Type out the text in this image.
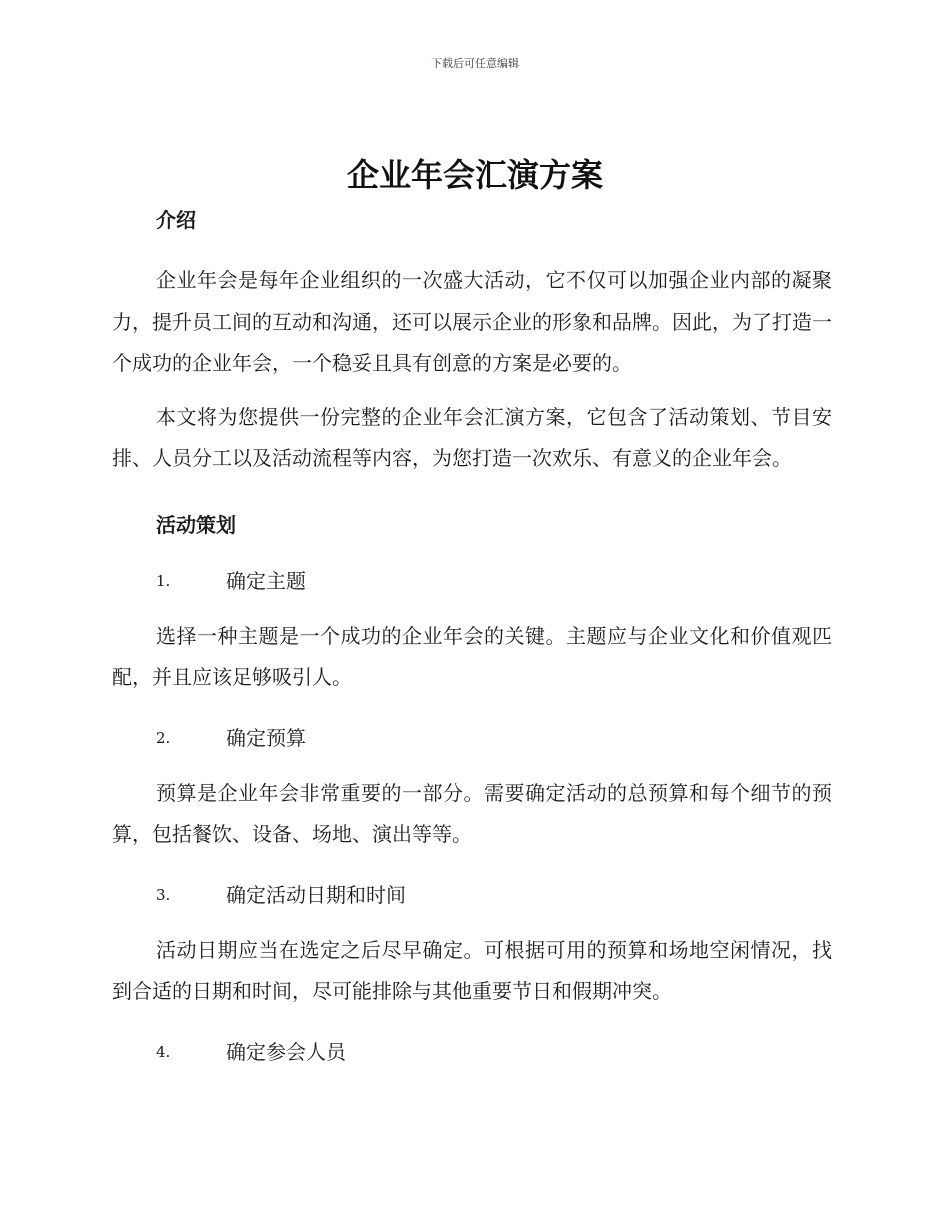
下载后可任意编辑
企业年会汇演方案
介绍

企业年会是每年企业组织的一次盛大活动，它不仅可以加强企业内部的凝聚力，提升员工间的互动和沟通，还可以展示企业的形象和品牌。因此，为了打造一个成功的企业年会，一个稳妥且具有创意的方案是必要的。

本文将为您提供一份完整的企业年会汇演方案，它包含了活动策划、节目安排、人员分工以及活动流程等内容，为您打造一次欢乐、有意义的企业年会。

活动策划
1.	确定主题

选择一种主题是一个成功的企业年会的关键。主题应与企业文化和价值观匹配，并且应该足够吸引人。

2.	确定预算

预算是企业年会非常重要的一部分。需要确定活动的总预算和每个细节的预算，包括餐饮、设备、场地、演出等等。

3.	确定活动日期和时间

活动日期应当在选定之后尽早确定。可根据可用的预算和场地空闲情况，找到合适的日期和时间，尽可能排除与其他重要节日和假期冲突。

4.	确定参会人员
